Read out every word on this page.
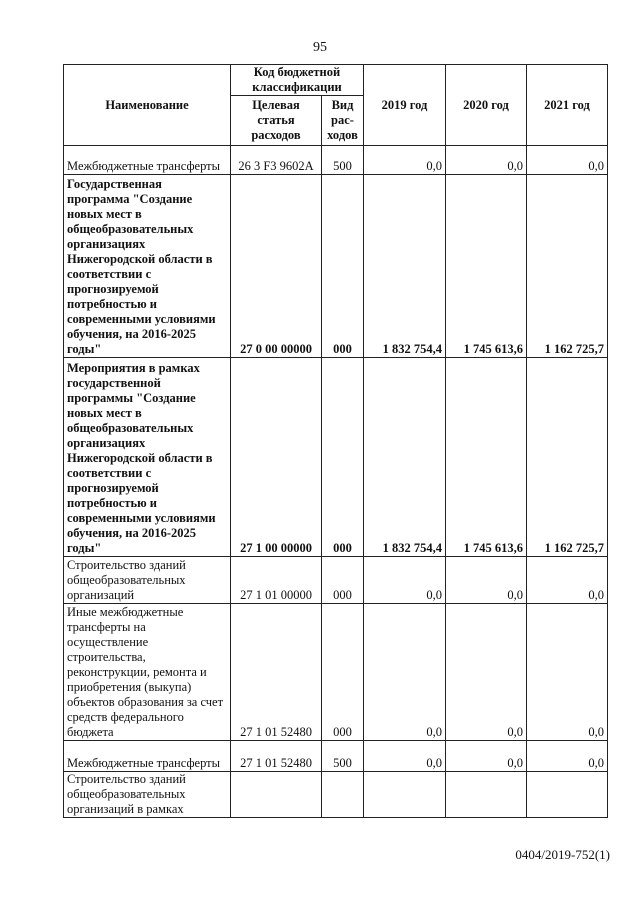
95
Наименование	Код бюджетной классификации		2019 год	2020 год	2021 год
	Целевая статья расходов	Вид рас-ходов			
Межбюджетные трансферты	26 3 F3 9602A	500	0,0	0,0	0,0
Государственная программа "Создание новых мест в общеобразовательных организациях Нижегородской области в соответствии с прогнозируемой потребностью и современными условиями обучения, на 2016-2025 годы"	27 0 00 00000	000	1 832 754,4	1 745 613,6	1 162 725,7
Мероприятия в рамках государственной программы "Создание новых мест в общеобразовательных организациях Нижегородской области в соответствии с прогнозируемой потребностью и современными условиями обучения, на 2016-2025 годы"	27 1 00 00000	000	1 832 754,4	1 745 613,6	1 162 725,7
Строительство зданий общеобразовательных организаций	27 1 01 00000	000	0,0	0,0	0,0
Иные межбюджетные трансферты на осуществление строительства, реконструкции, ремонта и приобретения (выкупа) объектов образования за счет средств федерального бюджета	27 1 01 52480	000	0,0	0,0	0,0
Межбюджетные трансферты	27 1 01 52480	500	0,0	0,0	0,0
Строительство зданий общеобразовательных организаций в рамках					
0404/2019-752(1)
